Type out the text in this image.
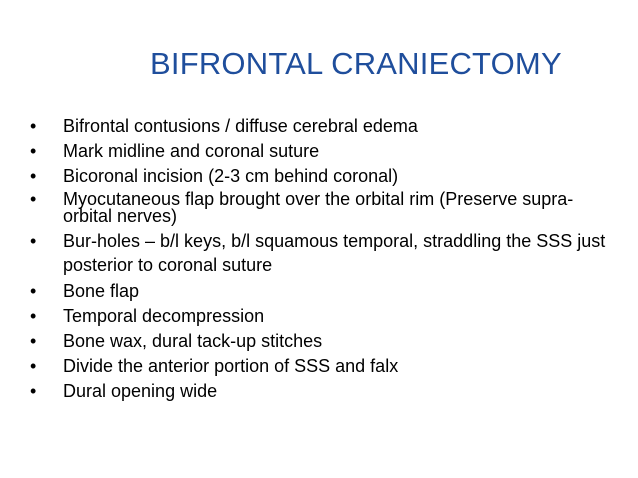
BIFRONTAL CRANIECTOMY
• Bifrontal contusions / diffuse cerebral edema
• Mark midline and coronal suture
• Bicoronal incision (2-3 cm behind coronal)
• Myocutaneous flap brought over the orbital rim (Preserve supra-orbital nerves)
• Bur-holes – b/l keys, b/l squamous temporal, straddling the SSS just posterior to coronal suture
• Bone flap
• Temporal decompression
• Bone wax, dural tack-up stitches
• Divide the anterior portion of SSS and falx
• Dural opening wide
